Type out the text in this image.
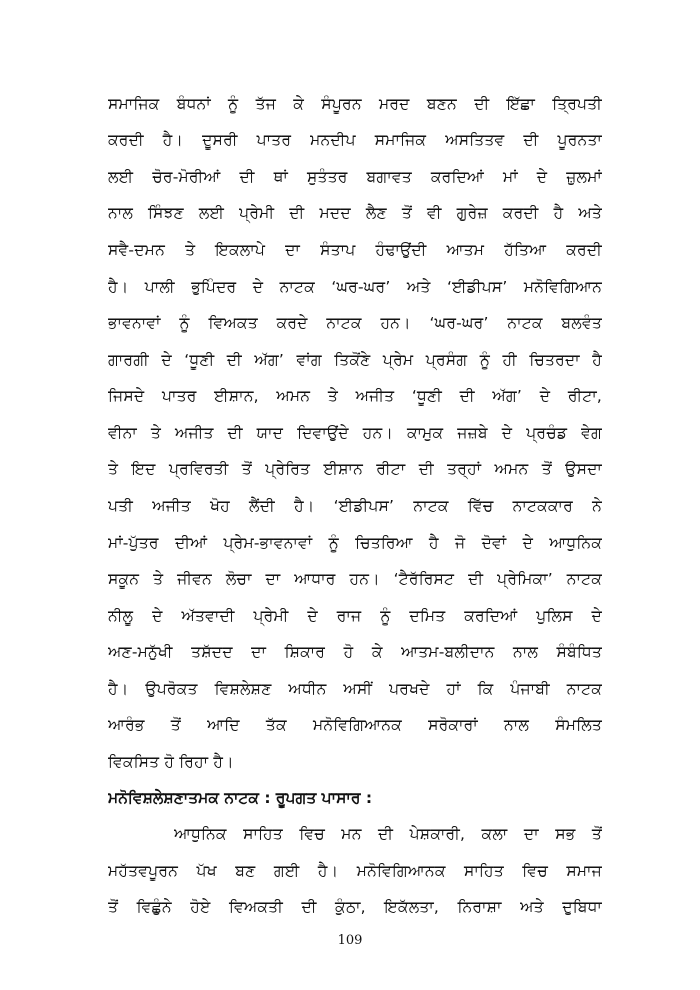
ਸਮਾਜਿਕ ਬੰਧਨਾਂ ਨੂੰ ਤੱਜ ਕੇ ਸੰਪੂਰਨ ਮਰਦ ਬਣਨ ਦੀ ਇੱਛਾ ਤ੍ਰਿਪਤੀ
ਕਰਦੀ ਹੈ। ਦੂਸਰੀ ਪਾਤਰ ਮਨਦੀਪ ਸਮਾਜਿਕ ਅਸਤਿਤਵ ਦੀ ਪੂਰਨਤਾ
ਲਈ ਚੋਰ-ਮੋਰੀਆਂ ਦੀ ਥਾਂ ਸੁਤੰਤਰ ਬਗਾਵਤ ਕਰਦਿਆਂ ਮਾਂ ਦੇ ਜ਼ੁਲਮਾਂ
ਨਾਲ ਸਿੰਝਣ ਲਈ ਪ੍ਰੇਮੀ ਦੀ ਮਦਦ ਲੈਣ ਤੋਂ ਵੀ ਗੁਰੇਜ਼ ਕਰਦੀ ਹੈ ਅਤੇ
ਸਵੈ-ਦਮਨ ਤੇ ਇਕਲਾਪੇ ਦਾ ਸੰਤਾਪ ਹੰਢਾਉਂਦੀ ਆਤਮ ਹੱਤਿਆ ਕਰਦੀ
ਹੈ। ਪਾਲੀ ਭੁਪਿੰਦਰ ਦੇ ਨਾਟਕ ‘ਘਰ-ਘਰ’ ਅਤੇ ‘ਈਡੀਪਸ’ ਮਨੋਵਿਗਿਆਨ
ਭਾਵਨਾਵਾਂ ਨੂੰ ਵਿਅਕਤ ਕਰਦੇ ਨਾਟਕ ਹਨ। ‘ਘਰ-ਘਰ’ ਨਾਟਕ ਬਲਵੰਤ
ਗਾਰਗੀ ਦੇ ‘ਧੂਣੀ ਦੀ ਅੱਗ’ ਵਾਂਗ ਤਿਕੋਂਣੇ ਪ੍ਰੇਮ ਪ੍ਰਸੰਗ ਨੂੰ ਹੀ ਚਿਤਰਦਾ ਹੈ
ਜਿਸਦੇ ਪਾਤਰ ਈਸ਼ਾਨ, ਅਮਨ ਤੇ ਅਜੀਤ ‘ਧੂਣੀ ਦੀ ਅੱਗ’ ਦੇ ਰੀਟਾ,
ਵੀਨਾ ਤੇ ਅਜੀਤ ਦੀ ਯਾਦ ਦਿਵਾਉਂਦੇ ਹਨ। ਕਾਮੁਕ ਜਜ਼ਬੇ ਦੇ ਪ੍ਰਚੰਡ ਵੇਗ
ਤੇ ਇਦ ਪ੍ਰਵਿਰਤੀ ਤੋਂ ਪ੍ਰੇਰਿਤ ਈਸ਼ਾਨ ਰੀਟਾ ਦੀ ਤਰ੍ਹਾਂ ਅਮਨ ਤੋਂ ਉਸਦਾ
ਪਤੀ ਅਜੀਤ ਖੋਹ ਲੈਂਦੀ ਹੈ। ‘ਈਡੀਪਸ’ ਨਾਟਕ ਵਿੱਚ ਨਾਟਕਕਾਰ ਨੇ
ਮਾਂ-ਪੁੱਤਰ ਦੀਆਂ ਪ੍ਰੇਮ-ਭਾਵਨਾਵਾਂ ਨੂੰ ਚਿਤਰਿਆ ਹੈ ਜੋ ਦੋਵਾਂ ਦੇ ਆਧੁਨਿਕ
ਸਕੂਨ ਤੇ ਜੀਵਨ ਲੋਚਾ ਦਾ ਆਧਾਰ ਹਨ। ‘ਟੈਰੱਰਿਸਟ ਦੀ ਪ੍ਰੇਮਿਕਾ’ ਨਾਟਕ
ਨੀਲੂ ਦੇ ਅੱਤਵਾਦੀ ਪ੍ਰੇਮੀ ਦੇ ਰਾਜ ਨੂੰ ਦਮਿਤ ਕਰਦਿਆਂ ਪੁਲਿਸ ਦੇ
ਅਣ-ਮਨੁੱਖੀ ਤਸ਼ੱਦਦ ਦਾ ਸ਼ਿਕਾਰ ਹੋ ਕੇ ਆਤਮ-ਬਲੀਦਾਨ ਨਾਲ ਸੰਬੰਧਿਤ
ਹੈ। ਉਪਰੋਕਤ ਵਿਸ਼ਲੇਸ਼ਣ ਅਧੀਨ ਅਸੀਂ ਪਰਖਦੇ ਹਾਂ ਕਿ ਪੰਜਾਬੀ ਨਾਟਕ
ਆਰੰਭ ਤੋਂ ਆਦਿ ਤੱਕ ਮਨੋਵਿਗਿਆਨਕ ਸਰੋਕਾਰਾਂ ਨਾਲ ਸੰਮਲਿਤ
ਵਿਕਸਿਤ ਹੋ ਰਿਹਾ ਹੈ।
ਮਨੋਵਿਸ਼ਲੇਸ਼ਣਾਤਮਕ ਨਾਟਕ : ਰੂਪਗਤ ਪਾਸਾਰ :
ਆਧੁਨਿਕ ਸਾਹਿਤ ਵਿਚ ਮਨ ਦੀ ਪੇਸ਼ਕਾਰੀ, ਕਲਾ ਦਾ ਸਭ ਤੋਂ
ਮਹੱਤਵਪੂਰਨ ਪੱਖ ਬਣ ਗਈ ਹੈ। ਮਨੋਵਿਗਿਆਨਕ ਸਾਹਿਤ ਵਿਚ ਸਮਾਜ
ਤੋਂ ਵਿਛੁੰਨੇ ਹੋਏ ਵਿਅਕਤੀ ਦੀ ਕੁੰਠਾ, ਇਕੱਲਤਾ, ਨਿਰਾਸ਼ਾ ਅਤੇ ਦੁਬਿਧਾ
109
